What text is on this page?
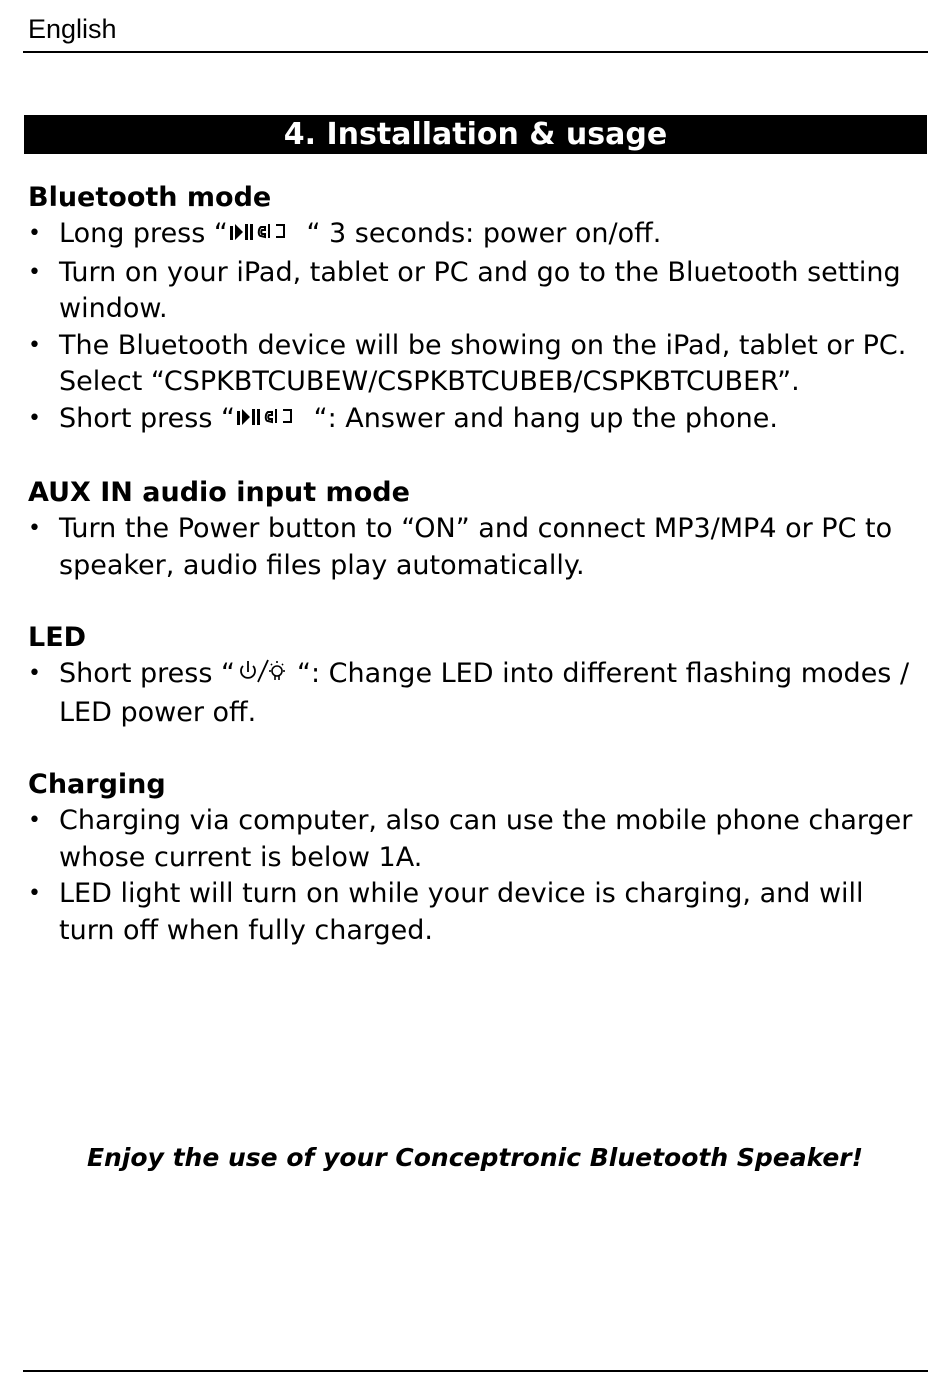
English
4. Installation & usage
Bluetooth mode
• Long press “	“ 3 seconds: power on/off.
• Turn on your iPad, tablet or PC and go to the Bluetooth setting window.
• The Bluetooth device will be showing on the iPad, tablet or PC. Select “CSPKBTCUBEW/CSPKBTCUBEB/CSPKBTCUBER”.
• Short press “	“: Answer and hang up the phone.
AUX IN audio input mode
• Turn the Power button to “ON” and connect MP3/MP4 or PC to speaker, audio files play automatically.
LED
• Short press “ “: Change LED into different flashing modes / LED power off.
Charging
• Charging via computer, also can use the mobile phone charger whose current is below 1A.
• LED light will turn on while your device is charging, and will turn off when fully charged.
Enjoy the use of your Conceptronic Bluetooth Speaker!
